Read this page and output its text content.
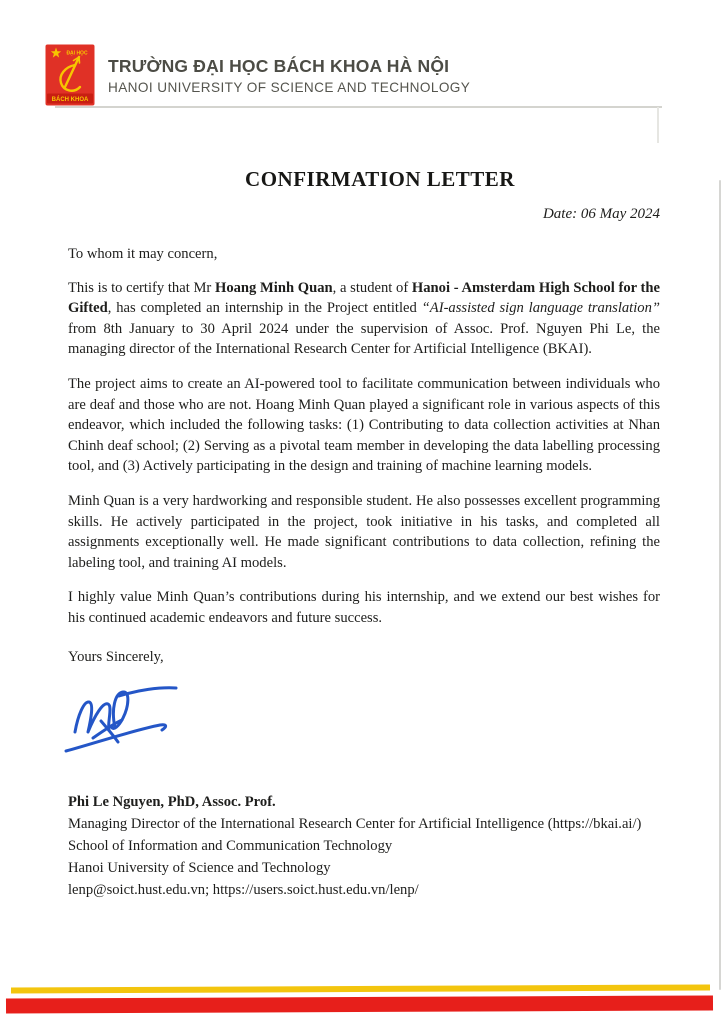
ĐẠI HỌC
BÁCH KHOA
TRƯỜNG ĐẠI HỌC BÁCH KHOA HÀ NỘI
HANOI UNIVERSITY OF SCIENCE AND TECHNOLOGY
CONFIRMATION LETTER
Date: 06 May 2024

To whom it may concern,

This is to certify that Mr Hoang Minh Quan, a student of Hanoi - Amsterdam High School for the Gifted, has completed an internship in the Project entitled “AI-assisted sign language translation” from 8th January to 30 April 2024 under the supervision of Assoc. Prof. Nguyen Phi Le, the managing director of the International Research Center for Artificial Intelligence (BKAI).

The project aims to create an AI-powered tool to facilitate communication between individuals who are deaf and those who are not. Hoang Minh Quan played a significant role in various aspects of this endeavor, which included the following tasks: (1) Contributing to data collection activities at Nhan Chinh deaf school; (2) Serving as a pivotal team member in developing the data labelling processing tool, and (3) Actively participating in the design and training of machine learning models.

Minh Quan is a very hardworking and responsible student. He also possesses excellent programming skills. He actively participated in the project, took initiative in his tasks, and completed all assignments exceptionally well. He made significant contributions to data collection, refining the labeling tool, and training AI models.

I highly value Minh Quan’s contributions during his internship, and we extend our best wishes for his continued academic endeavors and future success.

Yours Sincerely,

Phi Le Nguyen, PhD, Assoc. Prof.
Managing Director of the International Research Center for Artificial Intelligence (https://bkai.ai/)
School of Information and Communication Technology
Hanoi University of Science and Technology
lenp@soict.hust.edu.vn; https://users.soict.hust.edu.vn/lenp/
